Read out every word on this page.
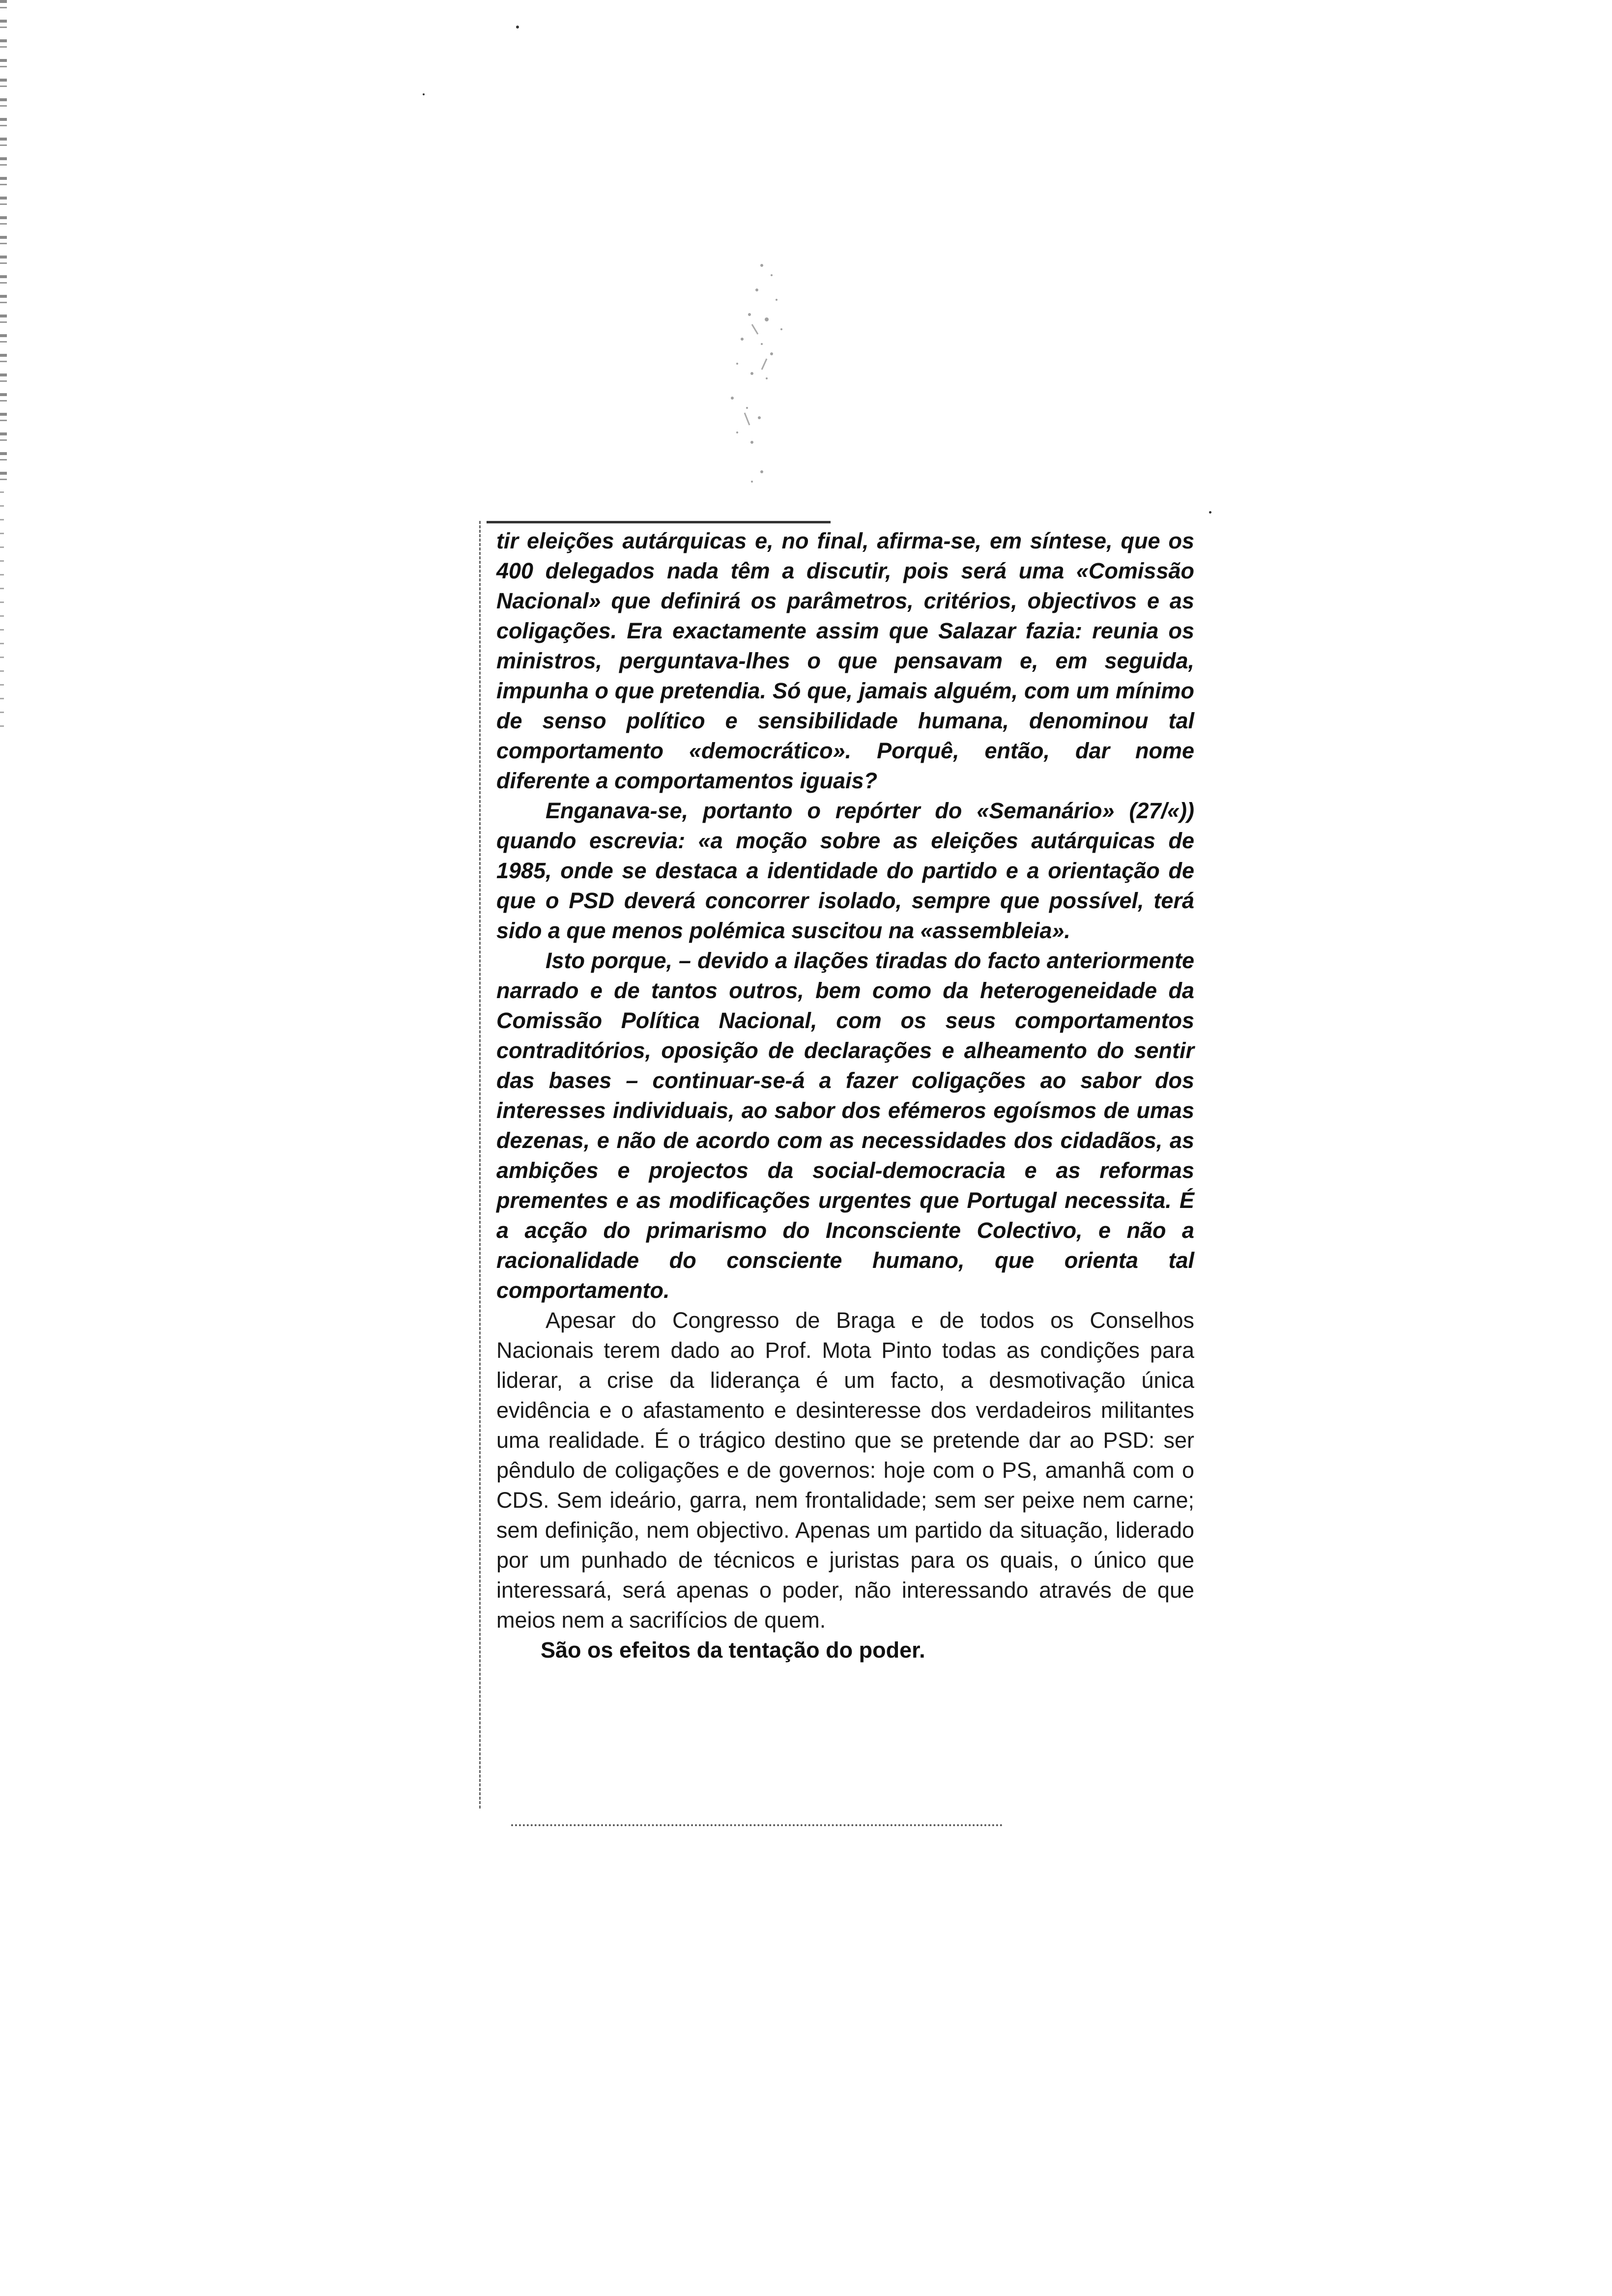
tir eleições autárquicas e, no final, afirma-se, em síntese, que os 400 delegados nada têm a discutir, pois será uma «Comissão Nacional» que definirá os parâmetros, critérios, objectivos e as coligações. Era exactamente assim que Salazar fazia: reunia os ministros, perguntava-lhes o que pensavam e, em seguida, impunha o que pretendia. Só que, jamais alguém, com um mínimo de senso político e sensibilidade humana, denominou tal comportamento «democrático». Porquê, então, dar nome diferente a comportamentos iguais?

Enganava-se, portanto o repórter do «Semanário» (27/«)) quando escrevia: «a moção sobre as eleições autárquicas de 1985, onde se destaca a identidade do partido e a orientação de que o PSD deverá concorrer isolado, sempre que possível, terá sido a que menos polémica suscitou na «assembleia».

Isto porque, – devido a ilações tiradas do facto anteriormente narrado e de tantos outros, bem como da heterogeneidade da Comissão Política Nacional, com os seus comportamentos contraditórios, oposição de declarações e alheamento do sentir das bases – continuar-se-á a fazer coligações ao sabor dos interesses individuais, ao sabor dos efémeros egoísmos de umas dezenas, e não de acordo com as necessidades dos cidadãos, as ambições e projectos da social-democracia e as reformas prementes e as modificações urgentes que Portugal necessita. É a acção do primarismo do Inconsciente Colectivo, e não a racionalidade do consciente humano, que orienta tal comportamento.

Apesar do Congresso de Braga e de todos os Conselhos Nacionais terem dado ao Prof. Mota Pinto todas as condições para liderar, a crise da liderança é um facto, a desmotivação única evidência e o afastamento e desinteresse dos verdadeiros militantes uma realidade. É o trágico destino que se pretende dar ao PSD: ser pêndulo de coligações e de governos: hoje com o PS, amanhã com o CDS. Sem ideário, garra, nem frontalidade; sem ser peixe nem carne; sem definição, nem objectivo. Apenas um partido da situação, liderado por um punhado de técnicos e juristas para os quais, o único que interessará, será apenas o poder, não interessando através de que meios nem a sacrifícios de quem.

São os efeitos da tentação do poder.
